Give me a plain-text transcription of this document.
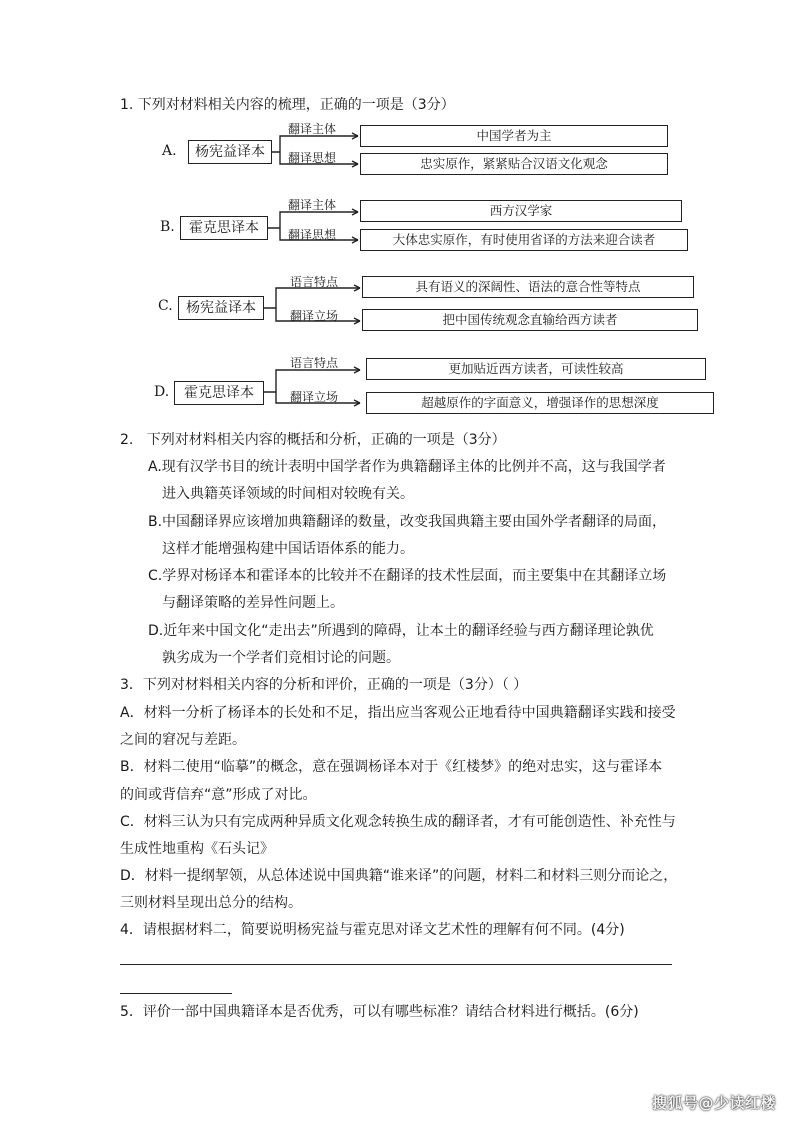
1. 下列对材料相关内容的梳理，正确的一项是（3分）
A.	杨宪益译本
翻译主体
翻译思想
中国学者为主
忠实原作，紧紧贴合汉语文化观念
B.	霍克思译本
翻译主体
翻译思想
西方汉学家
大体忠实原作，有时使用省译的方法来迎合读者
C. 杨宪益译本
语言特点
翻译立场
具有语义的深阔性、语法的意合性等特点
把中国传统观念直输给西方读者
D.	霍克思译本
语言特点
翻译立场
更加贴近西方读者，可读性较高
超越原作的字面意义，增强译作的思想深度
2.   下列对材料相关内容的概括和分析，正确的一项是（3分）
A.现有汉学书目的统计表明中国学者作为典籍翻译主体的比例并不高，这与我国学者
进入典籍英译领域的时间相对较晚有关。
B.中国翻译界应该增加典籍翻译的数量，改变我国典籍主要由国外学者翻译的局面，
这样才能增强构建中国话语体系的能力。
C.学界对杨译本和霍译本的比较并不在翻译的技术性层面，而主要集中在其翻译立场
与翻译策略的差异性问题上。
D.近年来中国文化“走出去”所遇到的障碍，让本土的翻译经验与西方翻译理论孰优
孰劣成为一个学者们竞相讨论的问题。
3．下列对材料相关内容的分析和评价，正确的一项是（3分）（ ）
A．材料一分析了杨译本的长处和不足，指出应当客观公正地看待中国典籍翻译实践和接受
之间的窘况与差距。
B．材料二使用“临摹”的概念，意在强调杨译本对于《红楼梦》的绝对忠实，这与霍译本
的间或背信弃“意”形成了对比。
C．材料三认为只有完成两种异质文化观念转换生成的翻译者，才有可能创造性、补充性与
生成性地重构《石头记》
D．材料一提纲挈领，从总体述说中国典籍“谁来译”的问题，材料二和材料三则分而论之，
三则材料呈现出总分的结构。
4．请根据材料二，简要说明杨宪益与霍克思对译文艺术性的理解有何不同。(4分)
5．评价一部中国典籍译本是否优秀，可以有哪些标准？请结合材料进行概括。(6分)
搜狐号@少读红楼
